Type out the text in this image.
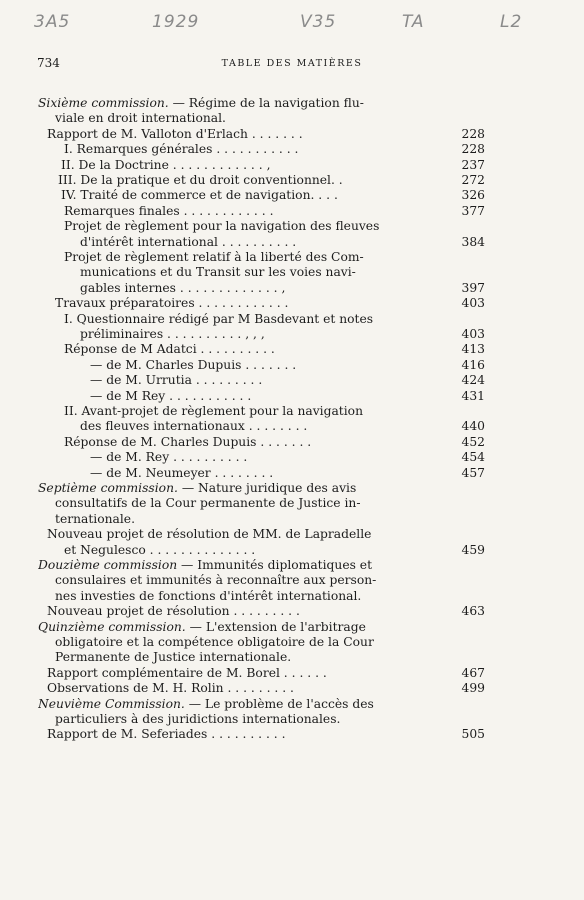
3A5	1929	V35	TA	L2
734	TABLE DES MATIÈRES
Sixième commission. — Régime de la navigation flu-
viale en droit international.
Rapport de M. Valloton d'Erlach . . . . . . .	228
I. Remarques générales . . . . . . . . . . .	228
II. De la Doctrine . . . . . . . . . . . . ,	237
III. De la pratique et du droit conventionnel. .	272
IV. Traité de commerce et de navigation. . . .	326
Remarques finales . . . . . . . . . . . .	377
Projet de règlement pour la navigation des fleuves
d'intérêt international . . . . . . . . . .	384
Projet de règlement relatif à la liberté des Com-
munications et du Transit sur les voies navi-
gables internes . . . . . . . . . . . . . ,	397
Travaux préparatoires . . . . . . . . . . . .	403
I. Questionnaire rédigé par M Basdevant et notes
préliminaires . . . . . . . . . . , , ,	403
Réponse de M Adatci . . . . . . . . . .	413
— de M. Charles Dupuis . . . . . . .	416
— de M. Urrutia . . . . . . . . .	424
— de M Rey . . . . . . . . . . .	431
II. Avant-projet de règlement pour la navigation
des fleuves internationaux . . . . . . . .	440
Réponse de M. Charles Dupuis . . . . . . .	452
— de M. Rey . . . . . . . . . .	454
— de M. Neumeyer . . . . . . . .	457
Septième commission. — Nature juridique des avis
consultatifs de la Cour permanente de Justice in-
ternationale.
Nouveau projet de résolution de MM. de Lapradelle
et Negulesco . . . . . . . . . . . . . .	459
Douzième commission — Immunités diplomatiques et
consulaires et immunités à reconnaître aux person-
nes investies de fonctions d'intérêt international.
Nouveau projet de résolution . . . . . . . . .	463
Quinzième commission. — L'extension de l'arbitrage
obligatoire et la compétence obligatoire de la Cour
Permanente de Justice internationale.
Rapport complémentaire de M. Borel . . . . . .	467
Observations de M. H. Rolin . . . . . . . . .	499
Neuvième Commission. — Le problème de l'accès des
particuliers à des juridictions internationales.
Rapport de M. Seferiades . . . . . . . . . .	505
